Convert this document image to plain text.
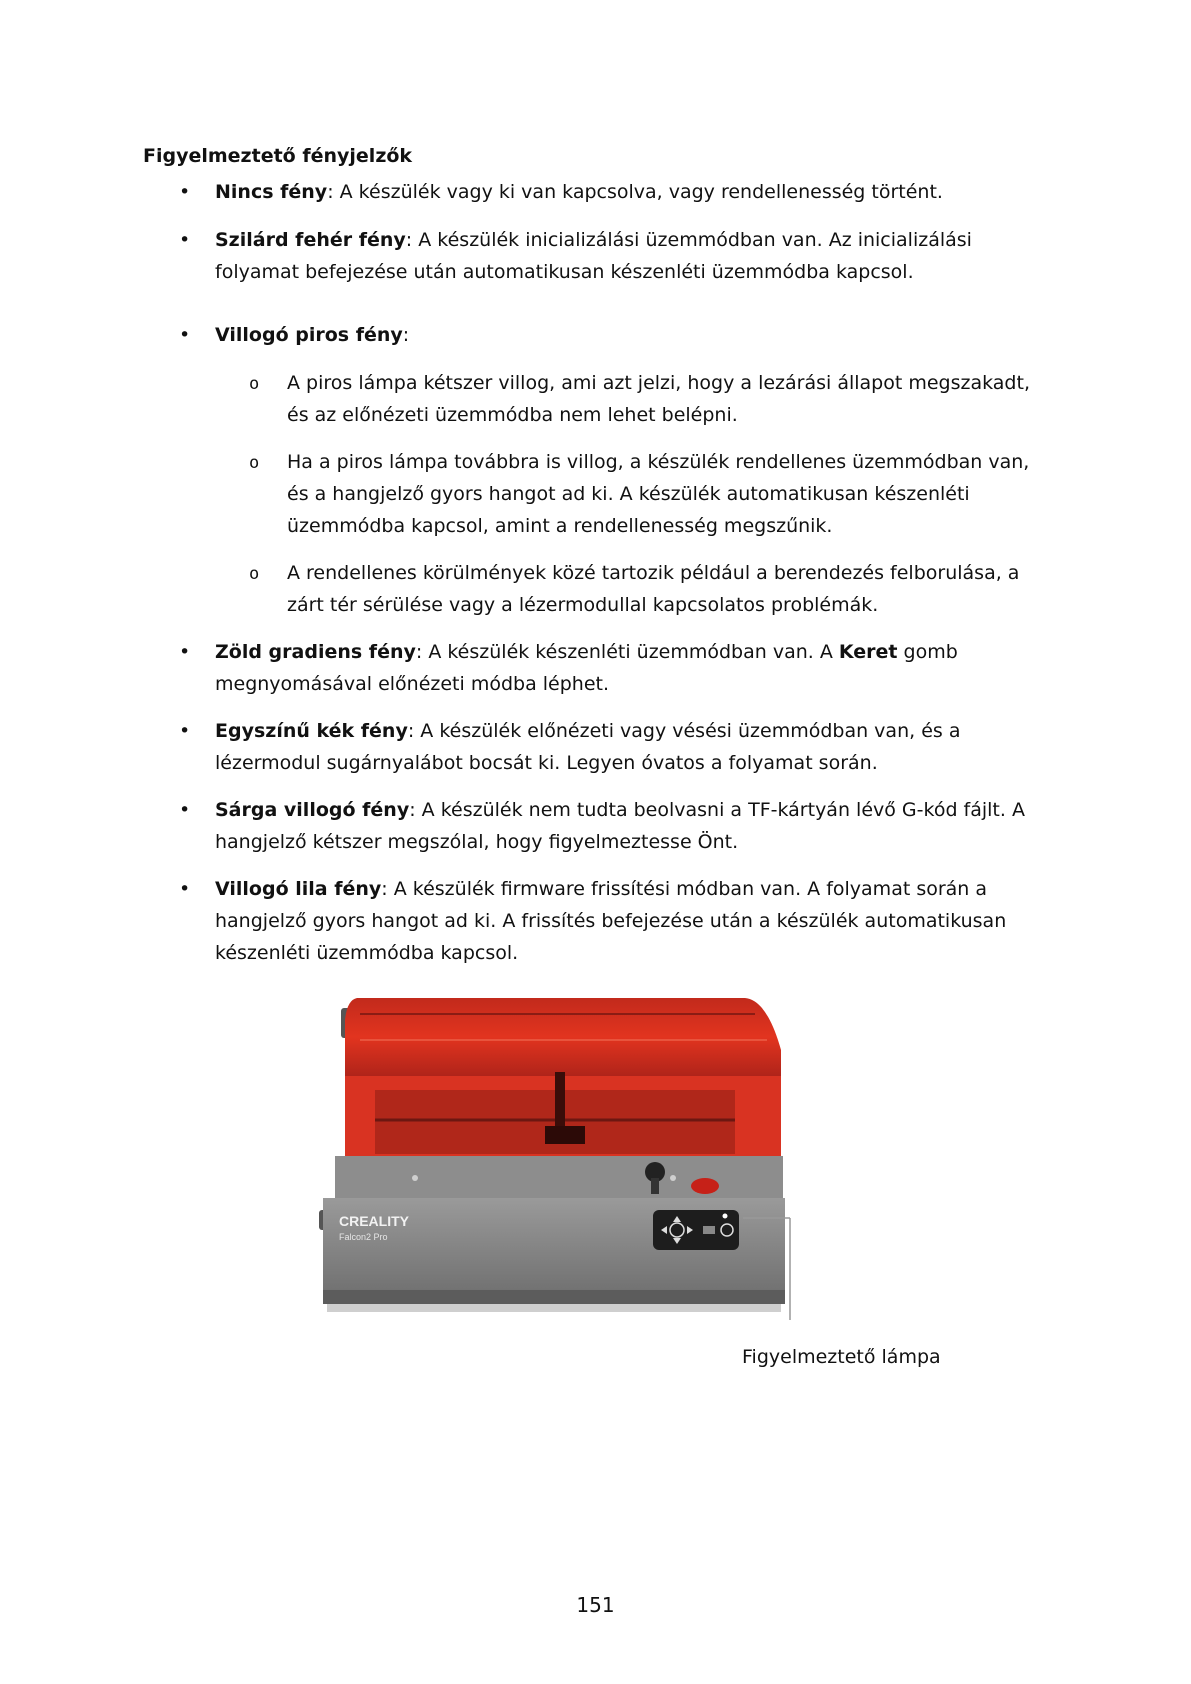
Figyelmeztető fényjelzők
• Nincs fény: A készülék vagy ki van kapcsolva, vagy rendellenesség történt.
• Szilárd fehér fény: A készülék inicializálási üzemmódban van. Az inicializálási
folyamat befejezése után automatikusan készenléti üzemmódba kapcsol.
• Villogó piros fény:
o A piros lámpa kétszer villog, ami azt jelzi, hogy a lezárási állapot megszakadt,
és az előnézeti üzemmódba nem lehet belépni.
o Ha a piros lámpa továbbra is villog, a készülék rendellenes üzemmódban van,
és a hangjelző gyors hangot ad ki. A készülék automatikusan készenléti
üzemmódba kapcsol, amint a rendellenesség megszűnik.
o A rendellenes körülmények közé tartozik például a berendezés felborulása, a
zárt tér sérülése vagy a lézermodullal kapcsolatos problémák.
• Zöld gradiens fény: A készülék készenléti üzemmódban van. A Keret gomb
megnyomásával előnézeti módba léphet.
• Egyszínű kék fény: A készülék előnézeti vagy vésési üzemmódban van, és a
lézermodul sugárnyalábot bocsát ki. Legyen óvatos a folyamat során.
• Sárga villogó fény: A készülék nem tudta beolvasni a TF-kártyán lévő G-kód fájlt. A
hangjelző kétszer megszólal, hogy figyelmeztesse Önt.
• Villogó lila fény: A készülék firmware frissítési módban van. A folyamat során a
hangjelző gyors hangot ad ki. A frissítés befejezése után a készülék automatikusan
készenléti üzemmódba kapcsol.
CREALITY
Falcon2 Pro
Figyelmeztető lámpa
151
